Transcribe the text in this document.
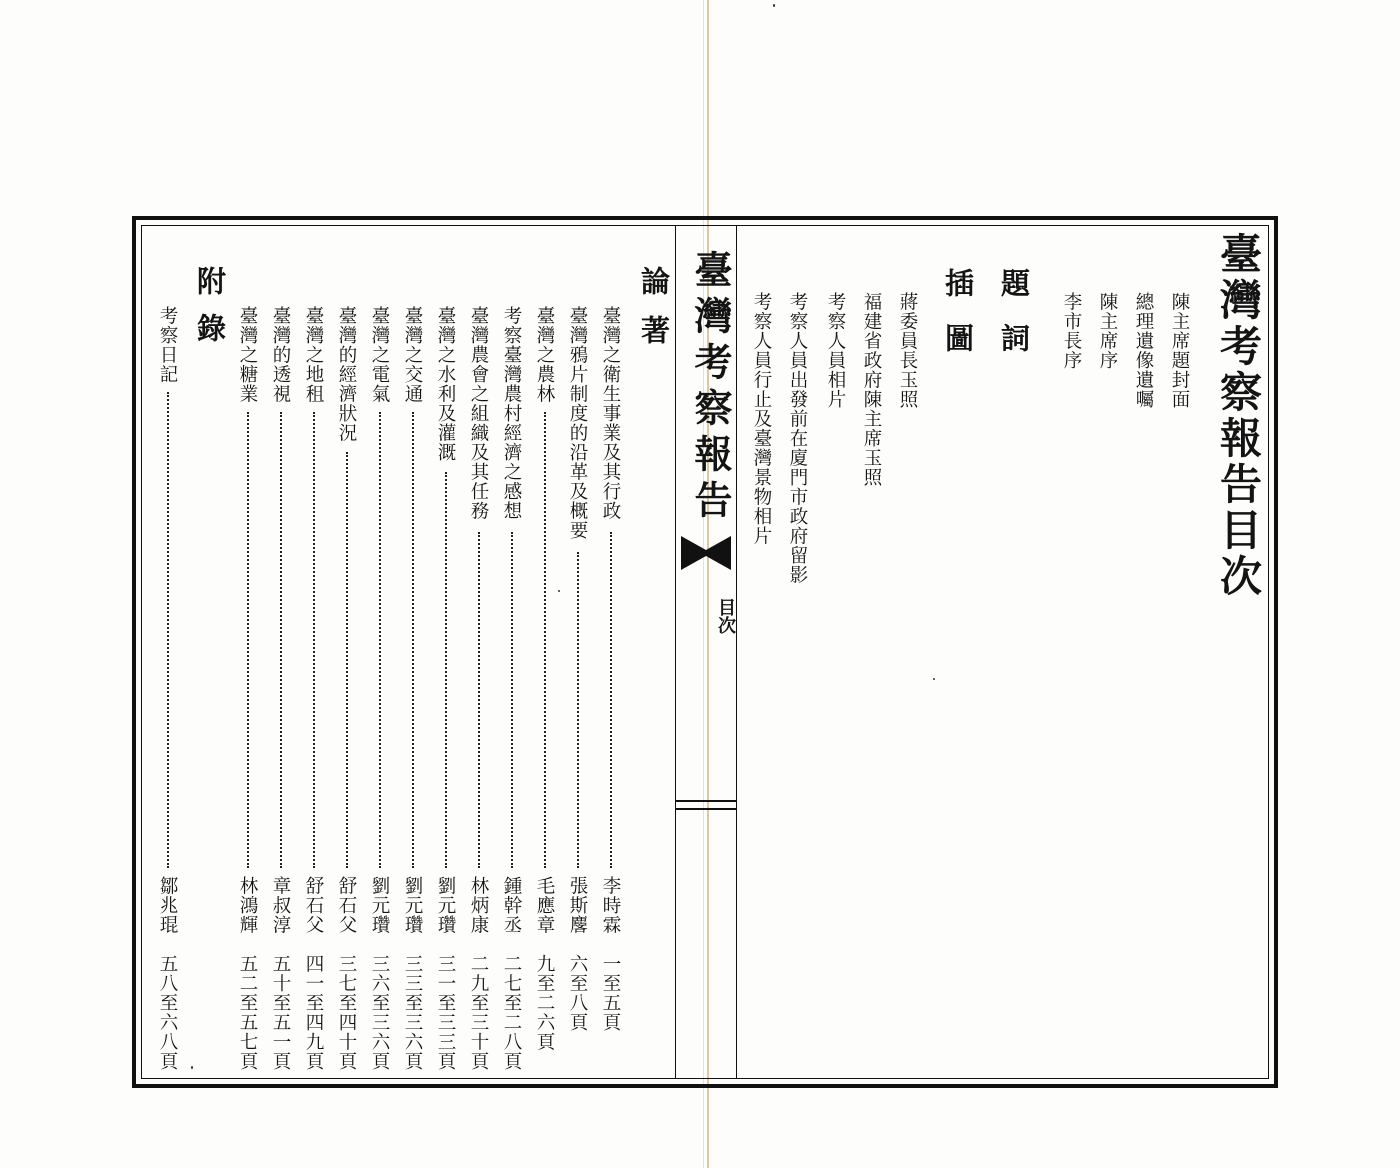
臺灣考察報告目次
陳主席題封面
總理遺像遺囑
陳主席序
李市長序
題詞
插圖
蔣委員長玉照
福建省政府陳主席玉照
考察人員相片
考察人員出發前在廈門市政府留影
考察人員行止及臺灣景物相片
臺灣考察報告
目次
論著
臺灣之衛生事業及其行政
李時霖
一至五頁
臺灣鴉片制度的沿革及概要
張斯麐
六至八頁
臺灣之農林
毛應章
九至二六頁
考察臺灣農村經濟之感想
鍾幹丞
二七至二八頁
臺灣農會之組織及其任務
林炳康
二九至三十頁
臺灣之水利及灌溉
劉元瓚
三一至三三頁
臺灣之交通
劉元瓚
三三至三六頁
臺灣之電氣
劉元瓚
三六至三六頁
臺灣的經濟狀況
舒石父
三七至四十頁
臺灣之地租
舒石父
四一至四九頁
臺灣的透視
章叔淳
五十至五一頁
臺灣之糖業
林鴻輝
五二至五七頁
附錄
考察日記
鄒兆琨
五八至六八頁
